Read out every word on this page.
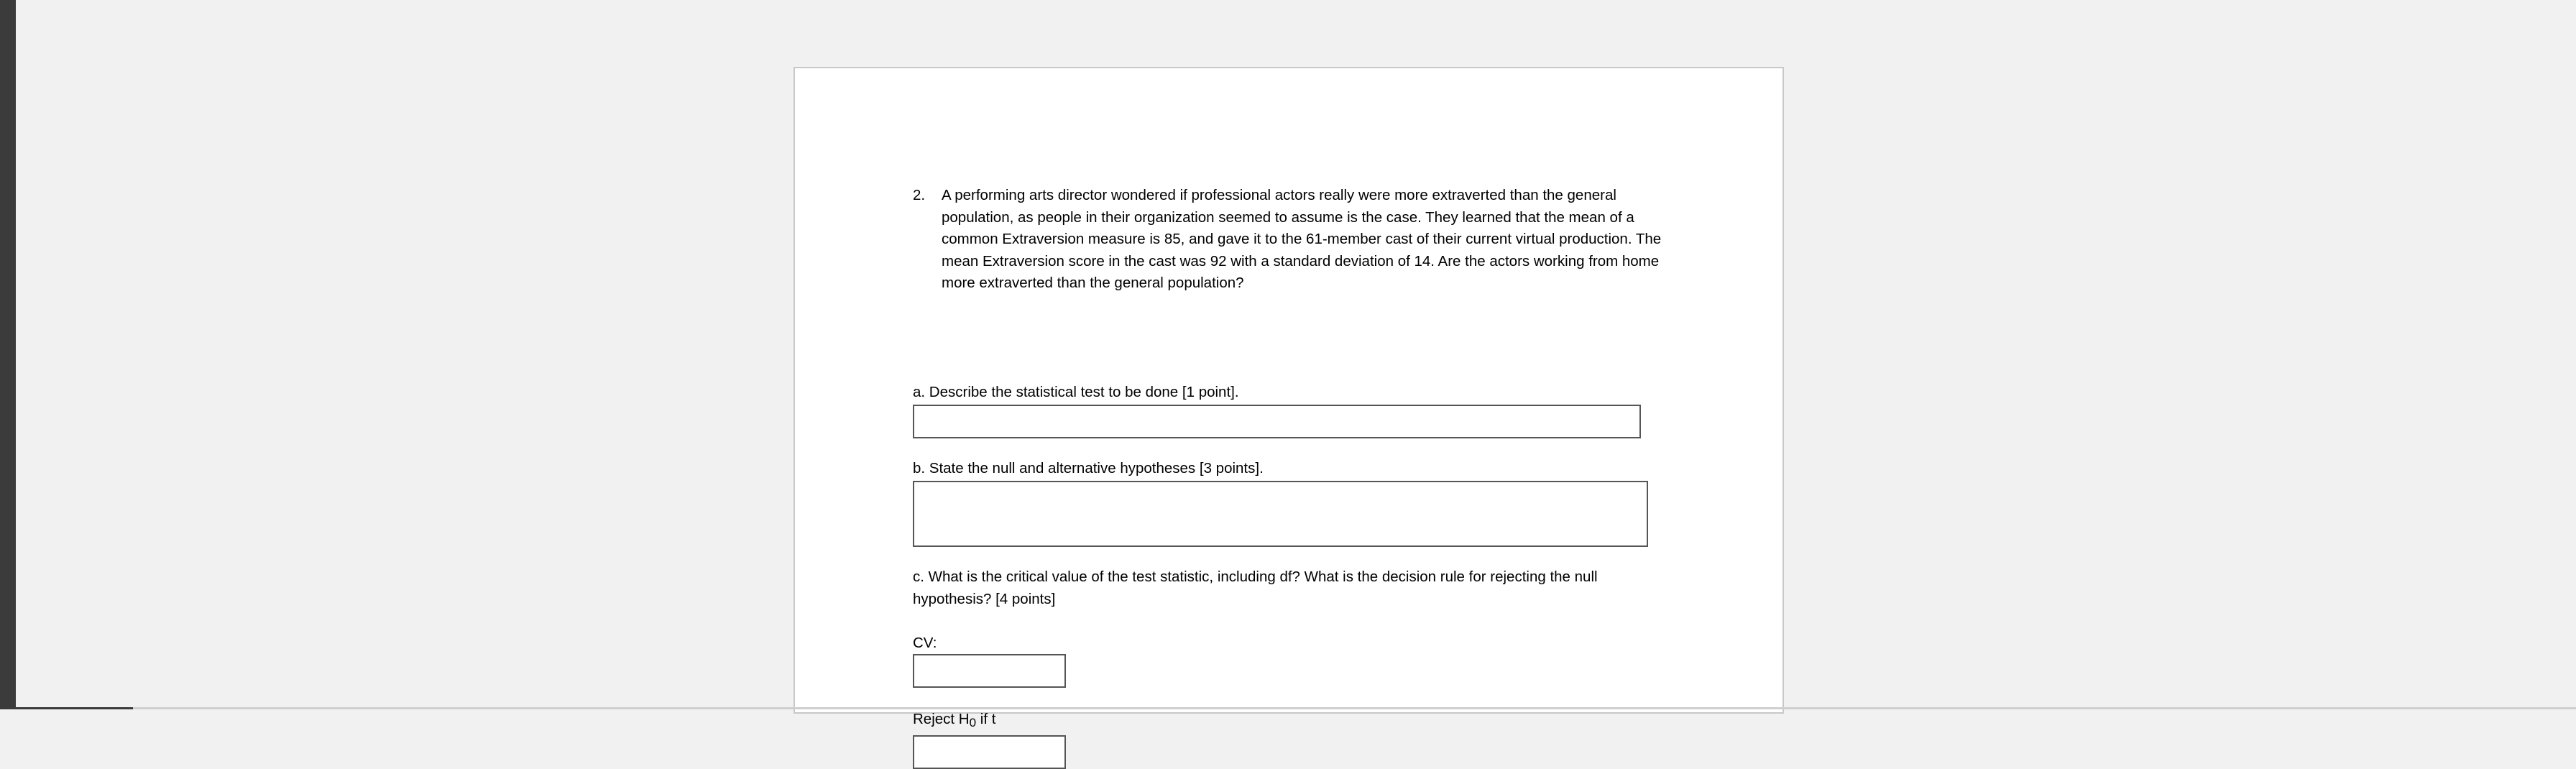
2. A performing arts director wondered if professional actors really were more extraverted than the general population, as people in their organization seemed to assume is the case. They learned that the mean of a common Extraversion measure is 85, and gave it to the 61-member cast of their current virtual production. The mean Extraversion score in the cast was 92 with a standard deviation of 14. Are the actors working from home more extraverted than the general population?
a. Describe the statistical test to be done [1 point].
b. State the null and alternative hypotheses [3 points].
c. What is the critical value of the test statistic, including df? What is the decision rule for rejecting the null hypothesis? [4 points]
CV:
Reject $H_0$ if t
